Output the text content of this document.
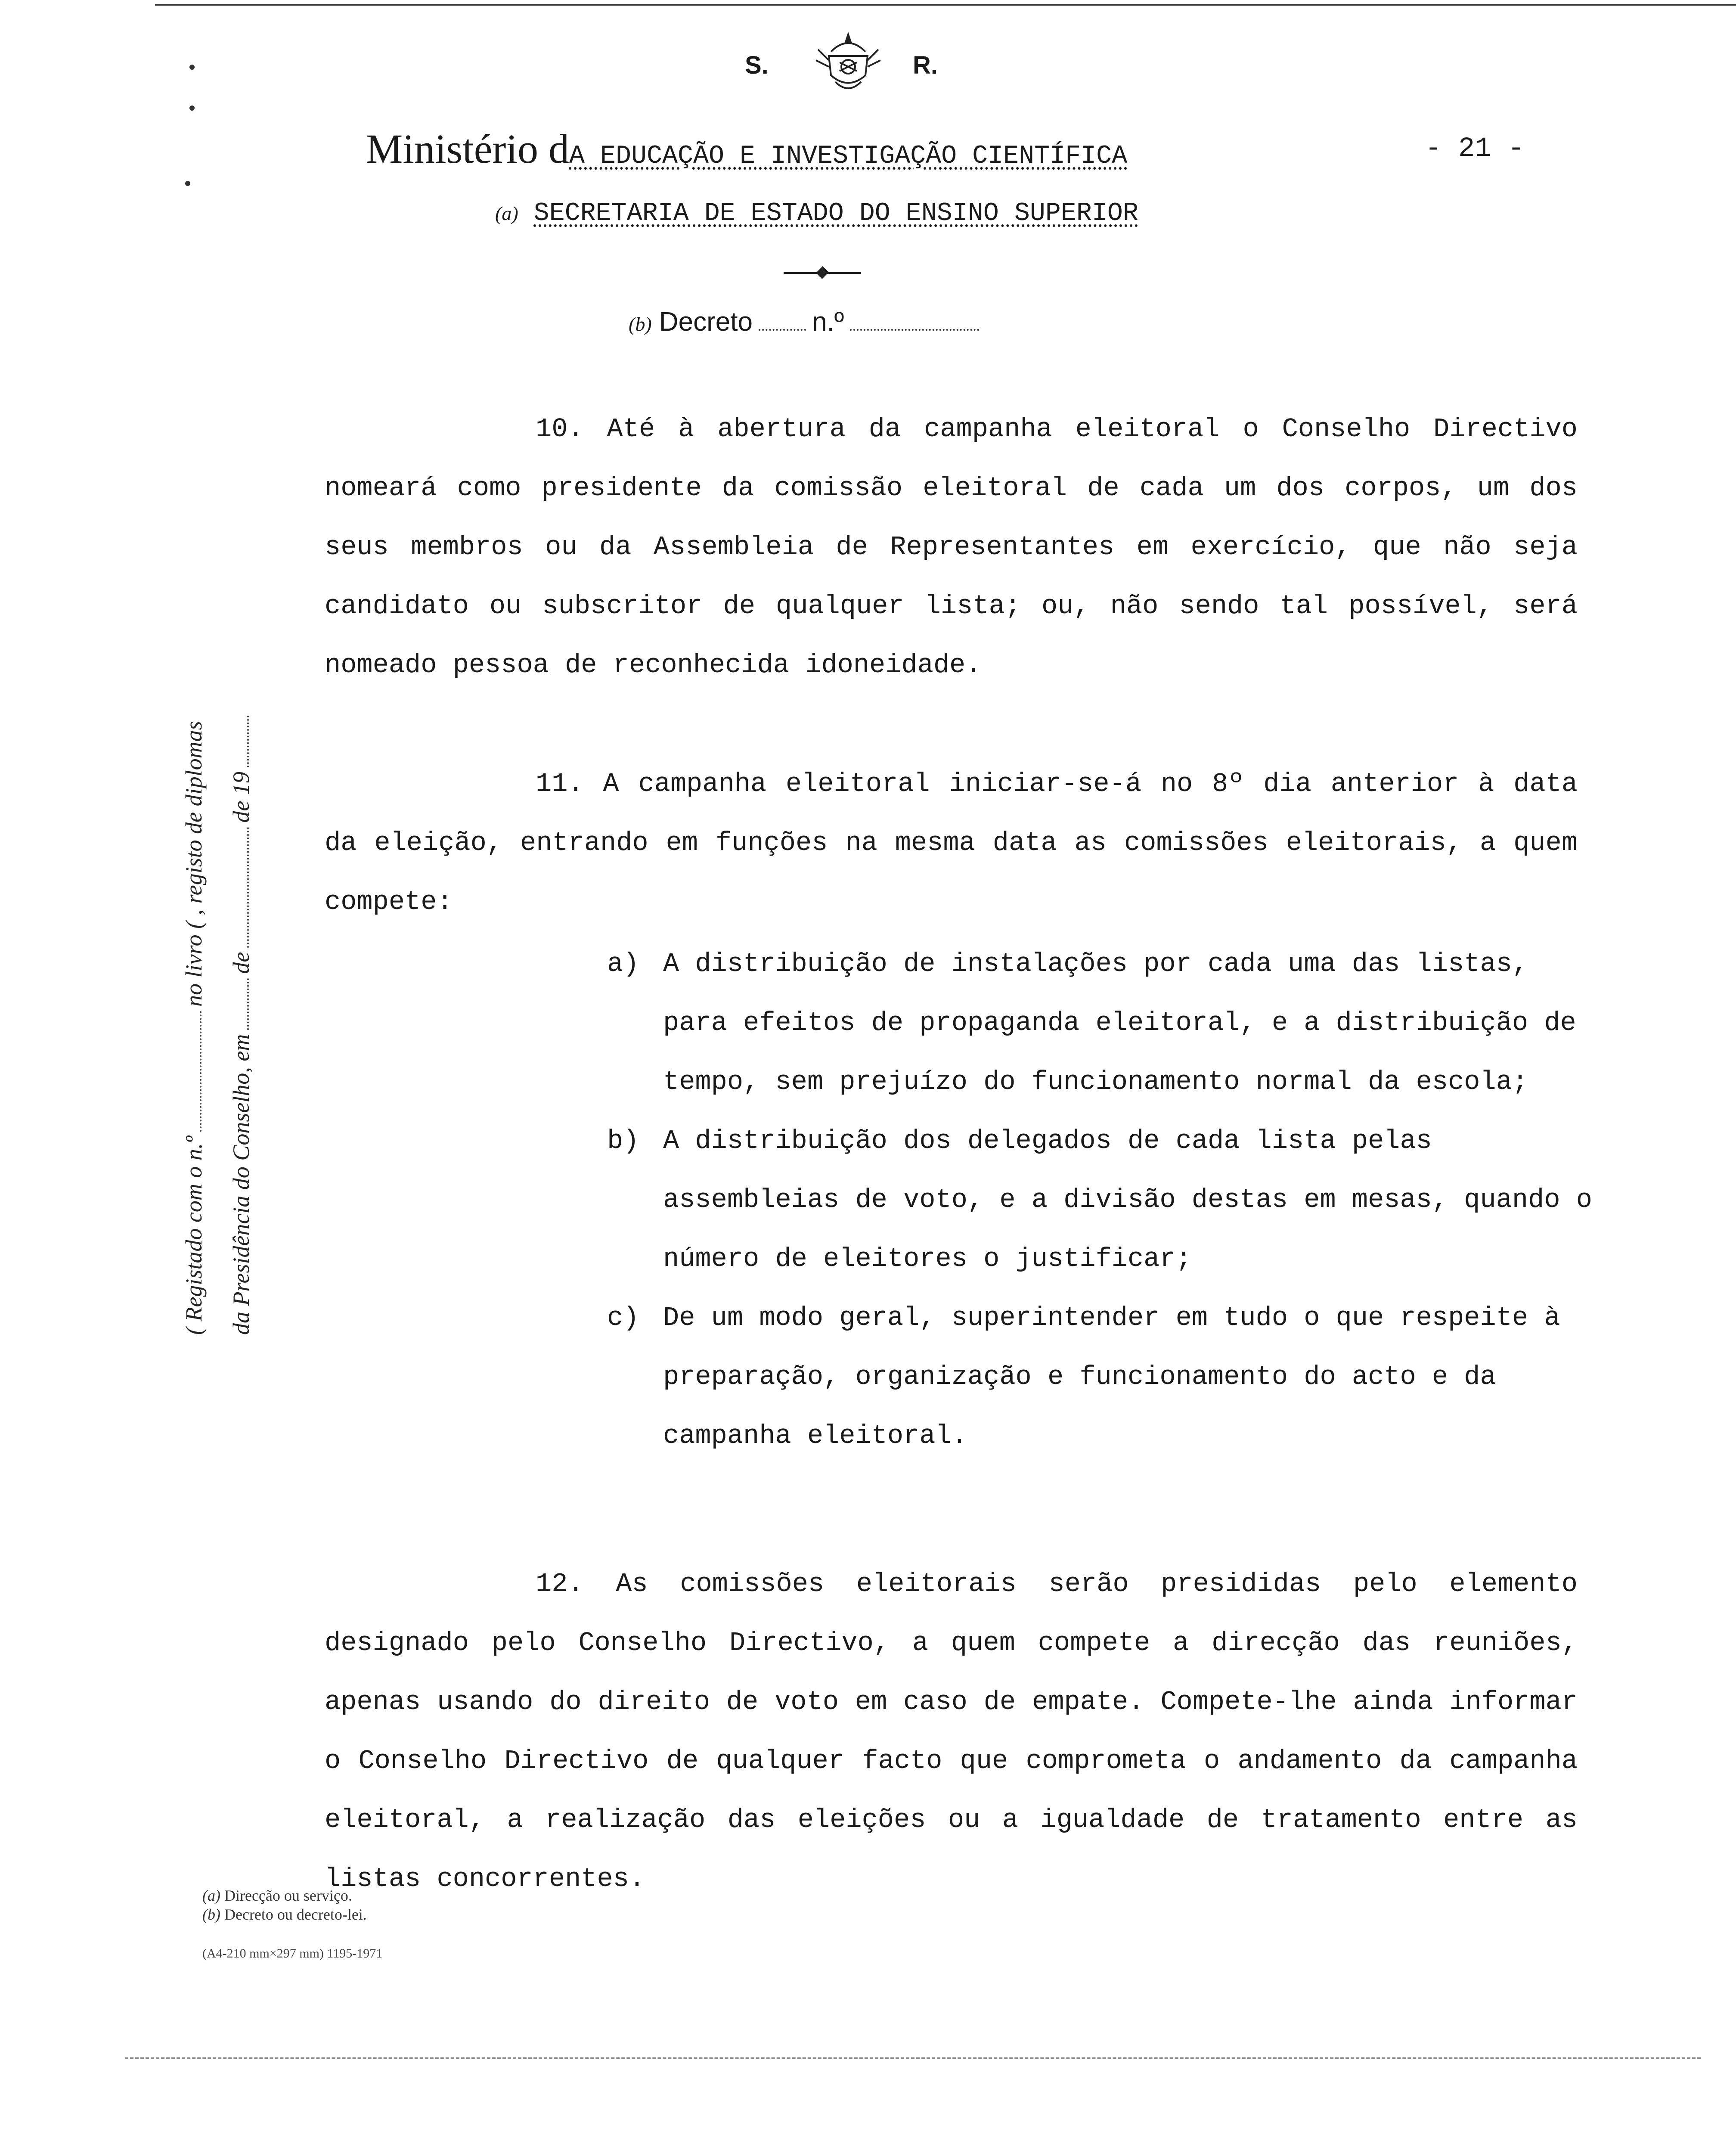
S.	R.
Ministério dA EDUCAÇÃO E INVESTIGAÇÃO CIENTÍFICA	- 21 -
(a) SECRETARIA DE ESTADO DO ENSINO SUPERIOR
(b) Decreto n.º

10. Até à abertura da campanha eleitoral o Conselho Directivo nomeará como presidente da comissão eleitoral de cada um dos corpos, um dos seus membros ou da Assembleia de Representantes em exercício, que não seja candidato ou subscritor de qualquer lista; ou, não sendo tal possível, será nomeado pessoa de reconhecida idoneidade.

11. A campanha eleitoral iniciar-se-á no 8º dia anterior à data da eleição, entrando em funções na mesma data as comissões eleitorais, a quem compete:

a) A distribuição de instalações por cada uma das listas, para efeitos de propaganda eleitoral, e a distribuição de tempo, sem prejuízo do funcionamento normal da escola;

b) A distribuição dos delegados de cada lista pelas assembleias de voto, e a divisão destas em mesas, quando o número de eleitores o justificar;

c) De um modo geral, superintender em tudo o que respeite à preparação, organização e funcionamento do acto e da campanha eleitoral.

12. As comissões eleitorais serão presididas pelo elemento designado pelo Conselho Directivo, a quem compete a direcção das reuniões, apenas usando do direito de voto em caso de empate. Compete-lhe ainda informar o Conselho Directivo de qualquer facto que comprometa o andamento da campanha eleitoral, a realização das eleições ou a igualdade de tratamento entre as listas concorrentes.

( Registado com o n.ºno livro ( , registo de diplomas
da Presidência do Conselho, emdede 19
(a) Direcção ou serviço.
(b) Decreto ou decreto-lei.
(A4-210 mm×297 mm) 1195-1971
